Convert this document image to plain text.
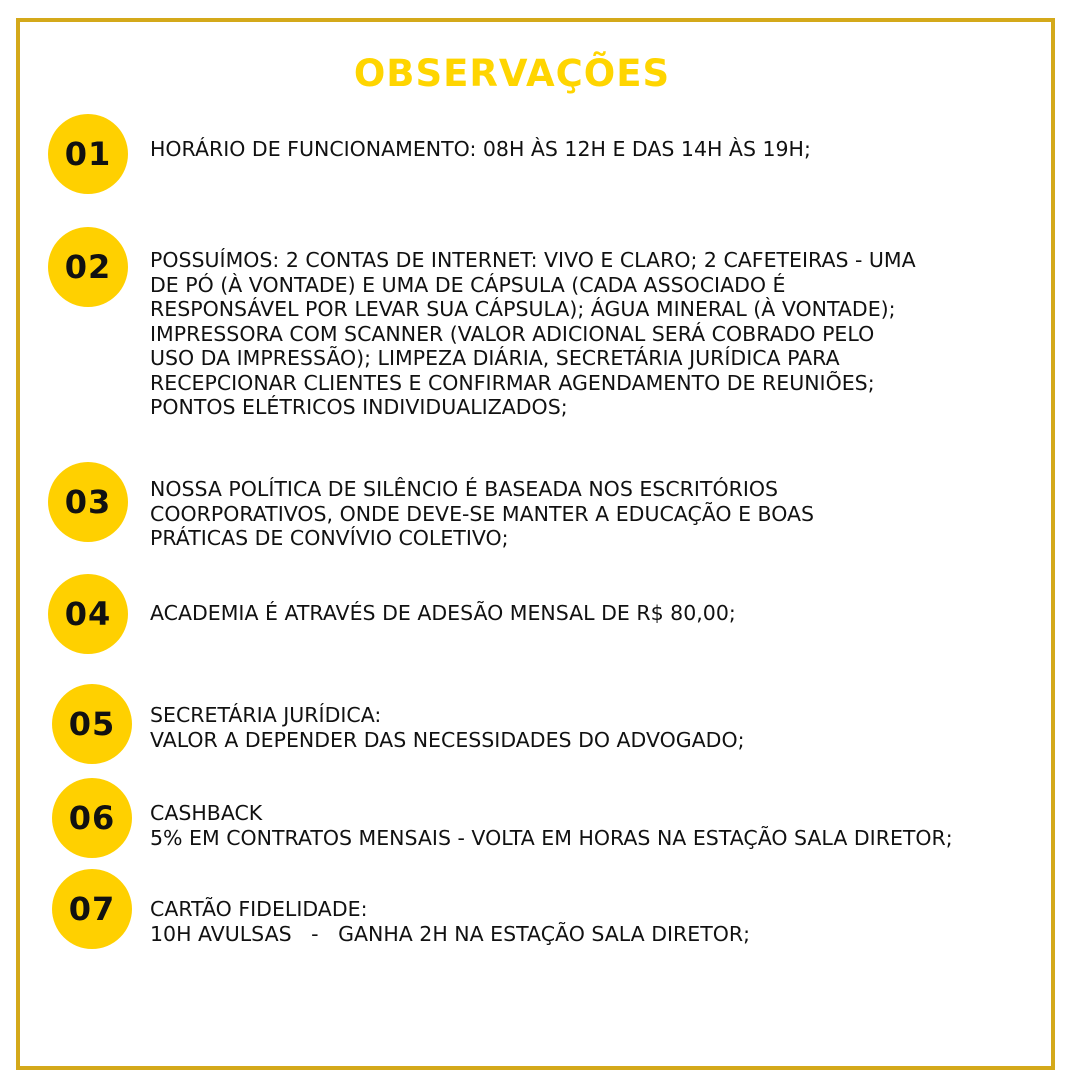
OBSERVAÇÕES
01	HORÁRIO DE FUNCIONAMENTO: 08H ÀS 12H E DAS 14H ÀS 19H;
02	POSSUÍMOS: 2 CONTAS DE INTERNET: VIVO E CLARO; 2 CAFETEIRAS - UMA
DE PÓ (À VONTADE) E UMA DE CÁPSULA (CADA ASSOCIADO É
RESPONSÁVEL POR LEVAR SUA CÁPSULA); ÁGUA MINERAL (À VONTADE);
IMPRESSORA COM SCANNER (VALOR ADICIONAL SERÁ COBRADO PELO
USO DA IMPRESSÃO); LIMPEZA DIÁRIA, SECRETÁRIA JURÍDICA PARA
RECEPCIONAR CLIENTES E CONFIRMAR AGENDAMENTO DE REUNIÕES;
PONTOS ELÉTRICOS INDIVIDUALIZADOS;
03	NOSSA POLÍTICA DE SILÊNCIO É BASEADA NOS ESCRITÓRIOS
COORPORATIVOS, ONDE DEVE-SE MANTER A EDUCAÇÃO E BOAS
PRÁTICAS DE CONVÍVIO COLETIVO;
04	ACADEMIA É ATRAVÉS DE ADESÃO MENSAL DE R$ 80,00;
05	SECRETÁRIA JURÍDICA:
VALOR A DEPENDER DAS NECESSIDADES DO ADVOGADO;
06	CASHBACK
5% EM CONTRATOS MENSAIS - VOLTA EM HORAS NA ESTAÇÃO SALA DIRETOR;
07	CARTÃO FIDELIDADE:
10H AVULSAS   -   GANHA 2H NA ESTAÇÃO SALA DIRETOR;
